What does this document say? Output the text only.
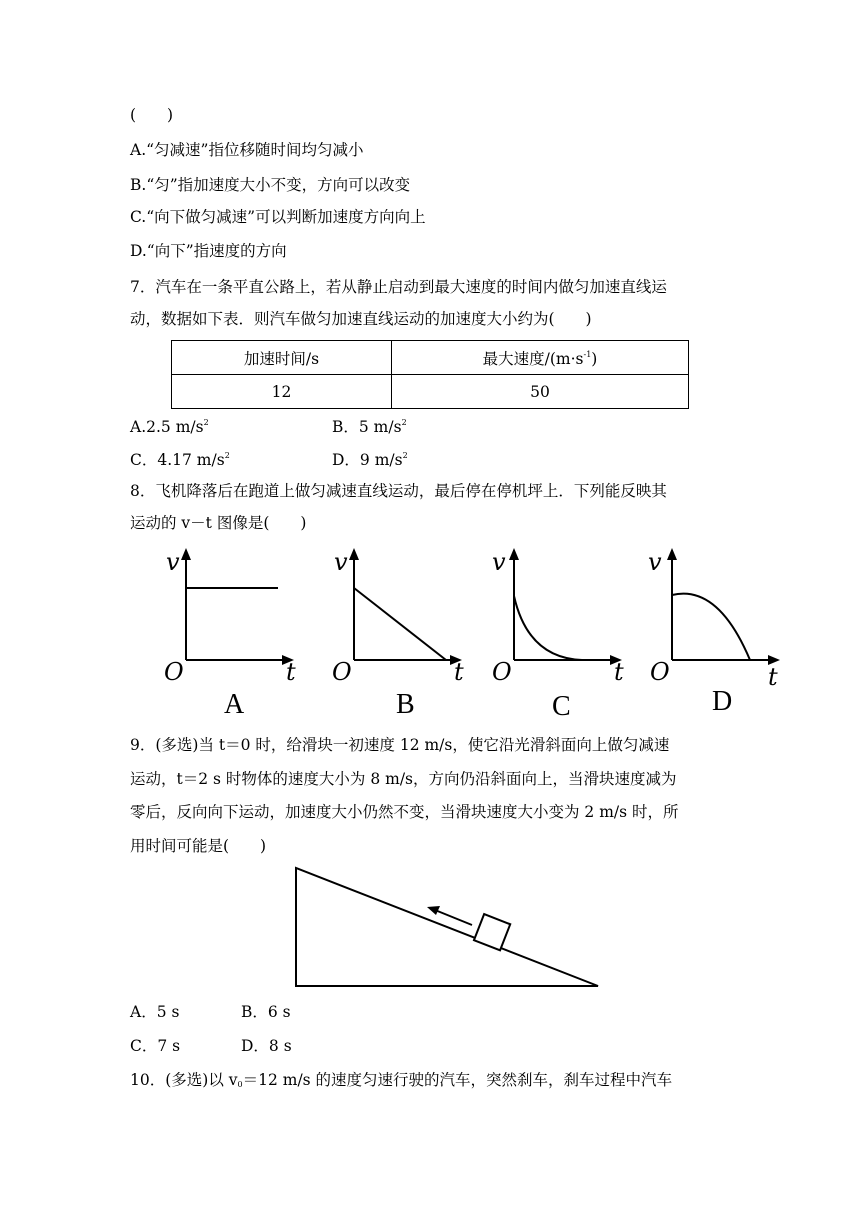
(　　)
A.“匀减速”指位移随时间均匀减小
B.“匀”指加速度大小不变，方向可以改变
C.“向下做匀减速”可以判断加速度方向向上
D.“向下”指速度的方向
7．汽车在一条平直公路上，若从静止启动到最大速度的时间内做匀加速直线运
动，数据如下表．则汽车做匀加速直线运动的加速度大小约为(　　)
加速时间/s	最大速度$/(m\cdot s^{-1})$
12	50
A.2.5 $m/s^2$	B．5 $m/s^2$
C．4.17 $m/s^2$	D．9 $m/s^2$
8．飞机降落后在跑道上做匀减速直线运动，最后停在停机坪上．下列能反映其
运动的 v－t 图像是(　　)
v
O	t
A
v
O	t
B
v
O	t
C
v
O	t
D
9．(多选)当 t＝0 时，给滑块一初速度 12 m/s，使它沿光滑斜面向上做匀减速
运动，t＝2 s 时物体的速度大小为 8 m/s，方向仍沿斜面向上，当滑块速度减为
零后，反向向下运动，加速度大小仍然不变，当滑块速度大小变为 2 m/s 时，所
用时间可能是(　　)
A．5 s	B．6 s
C．7 s	D．8 s
10．(多选)以 $v_0=12$ m/s 的速度匀速行驶的汽车，突然刹车，刹车过程中汽车
